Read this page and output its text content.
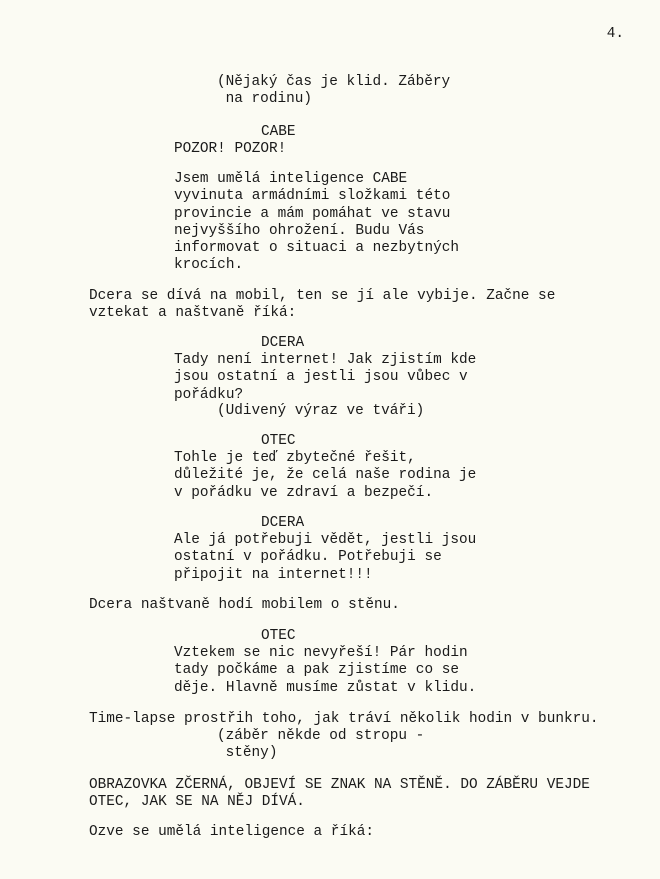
4.
(Nějaký čas je klid. Záběry
na rodinu)
CABE
POZOR! POZOR!
Jsem umělá inteligence CABE
vyvinuta armádními složkami této
provincie a mám pomáhat ve stavu
nejvyššího ohrožení. Budu Vás
informovat o situaci a nezbytných
krocích.
Dcera se dívá na mobil, ten se jí ale vybije. Začne se
vztekat a naštvaně říká:
DCERA
Tady není internet! Jak zjistím kde
jsou ostatní a jestli jsou vůbec v
pořádku?
(Udivený výraz ve tváři)
OTEC
Tohle je teď zbytečné řešit,
důležité je, že celá naše rodina je
v pořádku ve zdraví a bezpečí.
DCERA
Ale já potřebuji vědět, jestli jsou
ostatní v pořádku. Potřebuji se
připojit na internet!!!
Dcera naštvaně hodí mobilem o stěnu.
OTEC
Vztekem se nic nevyřeší! Pár hodin
tady počkáme a pak zjistíme co se
děje. Hlavně musíme zůstat v klidu.
Time-lapse prostřih toho, jak tráví několik hodin v bunkru.
(záběr někde od stropu -
stěny)
OBRAZOVKA ZČERNÁ, OBJEVÍ SE ZNAK NA STĚNĚ. DO ZÁBĚRU VEJDE
OTEC, JAK SE NA NĚJ DÍVÁ.
Ozve se umělá inteligence a říká:
